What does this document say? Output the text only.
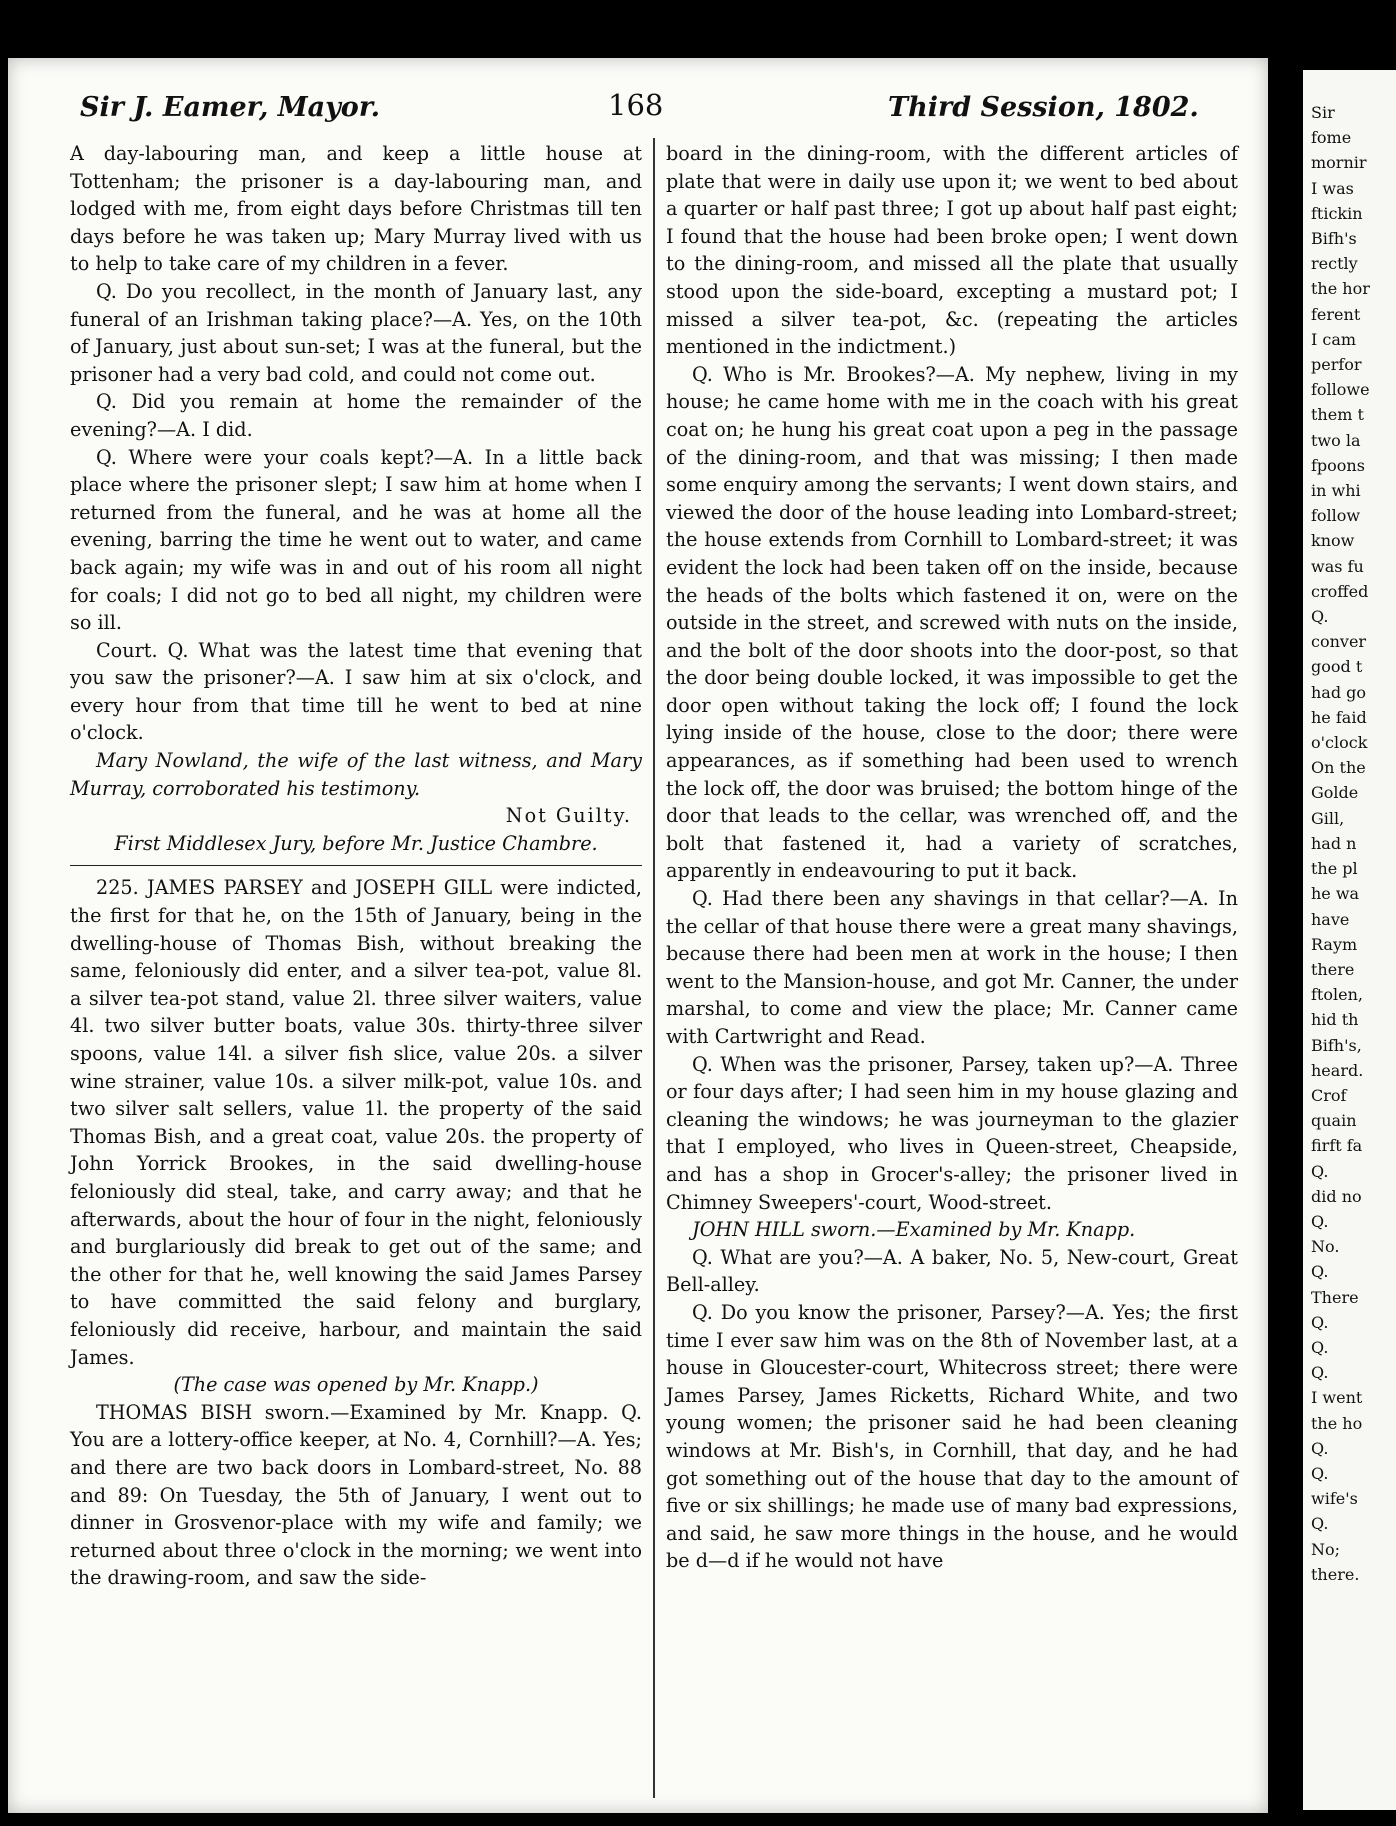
Sir J. Eamer, Mayor.	168	Third Session, 1802.

A day-labouring man, and keep a little house at Tottenham; the prisoner is a day-labouring man, and lodged with me, from eight days before Christmas till ten days before he was taken up; Mary Murray lived with us to help to take care of my children in a fever.

Q. Do you recollect, in the month of January last, any funeral of an Irishman taking place?—A. Yes, on the 10th of January, just about sun-set; I was at the funeral, but the prisoner had a very bad cold, and could not come out.

Q. Did you remain at home the remainder of the evening?—A. I did.

Q. Where were your coals kept?—A. In a little back place where the prisoner slept; I saw him at home when I returned from the funeral, and he was at home all the evening, barring the time he went out to water, and came back again; my wife was in and out of his room all night for coals; I did not go to bed all night, my children were so ill.

Court. Q. What was the latest time that evening that you saw the prisoner?—A. I saw him at six o'clock, and every hour from that time till he went to bed at nine o'clock.

Mary Nowland, the wife of the last witness, and Mary Murray, corroborated his testimony.

Not Guilty.

First Middlesex Jury, before Mr. Justice Chambre.

225. JAMES PARSEY and JOSEPH GILL were indicted, the first for that he, on the 15th of January, being in the dwelling-house of Thomas Bish, without breaking the same, feloniously did enter, and a silver tea-pot, value 8l. a silver tea-pot stand, value 2l. three silver waiters, value 4l. two silver butter boats, value 30s. thirty-three silver spoons, value 14l. a silver fish slice, value 20s. a silver wine strainer, value 10s. a silver milk-pot, value 10s. and two silver salt sellers, value 1l. the property of the said Thomas Bish, and a great coat, value 20s. the property of John Yorrick Brookes, in the said dwelling-house feloniously did steal, take, and carry away; and that he afterwards, about the hour of four in the night, feloniously and burglariously did break to get out of the same; and the other for that he, well knowing the said James Parsey to have committed the said felony and burglary, feloniously did receive, harbour, and maintain the said James.

(The case was opened by Mr. Knapp.)

THOMAS BISH sworn.—Examined by Mr. Knapp. Q. You are a lottery-office keeper, at No. 4, Cornhill?—A. Yes; and there are two back doors in Lombard-street, No. 88 and 89: On Tuesday, the 5th of January, I went out to dinner in Grosvenor-place with my wife and family; we returned about three o'clock in the morning; we went into the drawing-room, and saw the side-

board in the dining-room, with the different articles of plate that were in daily use upon it; we went to bed about a quarter or half past three; I got up about half past eight; I found that the house had been broke open; I went down to the dining-room, and missed all the plate that usually stood upon the side-board, excepting a mustard pot; I missed a silver tea-pot, &c. (repeating the articles mentioned in the indictment.)

Q. Who is Mr. Brookes?—A. My nephew, living in my house; he came home with me in the coach with his great coat on; he hung his great coat upon a peg in the passage of the dining-room, and that was missing; I then made some enquiry among the servants; I went down stairs, and viewed the door of the house leading into Lombard-street; the house extends from Cornhill to Lombard-street; it was evident the lock had been taken off on the inside, because the heads of the bolts which fastened it on, were on the outside in the street, and screwed with nuts on the inside, and the bolt of the door shoots into the door-post, so that the door being double locked, it was impossible to get the door open without taking the lock off; I found the lock lying inside of the house, close to the door; there were appearances, as if something had been used to wrench the lock off, the door was bruised; the bottom hinge of the door that leads to the cellar, was wrenched off, and the bolt that fastened it, had a variety of scratches, apparently in endeavouring to put it back.

Q. Had there been any shavings in that cellar?—A. In the cellar of that house there were a great many shavings, because there had been men at work in the house; I then went to the Mansion-house, and got Mr. Canner, the under marshal, to come and view the place; Mr. Canner came with Cartwright and Read.

Q. When was the prisoner, Parsey, taken up?—A. Three or four days after; I had seen him in my house glazing and cleaning the windows; he was journeyman to the glazier that I employed, who lives in Queen-street, Cheapside, and has a shop in Grocer's-alley; the prisoner lived in Chimney Sweepers'-court, Wood-street.

JOHN HILL sworn.—Examined by Mr. Knapp.

Q. What are you?—A. A baker, No. 5, New-court, Great Bell-alley.

Q. Do you know the prisoner, Parsey?—A. Yes; the first time I ever saw him was on the 8th of November last, at a house in Gloucester-court, Whitecross street; there were James Parsey, James Ricketts, Richard White, and two young women; the prisoner said he had been cleaning windows at Mr. Bish's, in Cornhill, that day, and he had got something out of the house that day to the amount of five or six shillings; he made use of many bad expressions, and said, he saw more things in the house, and he would be d—d if he would not have

Sir
fome
mornir
I was
ftickin
Bifh's
rectly
the hor
ferent
I cam
perfor
followe
them t
two la
fpoons
in whi
follow
know
was fu
croffed
Q.
conver
good t
had go
he faid
o'clock
On the
Golde
Gill,
had n
the pl
he wa
have
Raym
there
ftolen,
hid th
Bifh's,
heard.
Crof
quain
firft fa
Q.
did no
Q.
No.
Q.
There
Q.
Q.
Q.
I went
the ho
Q.
Q.
wife's
Q.
No;
there.
